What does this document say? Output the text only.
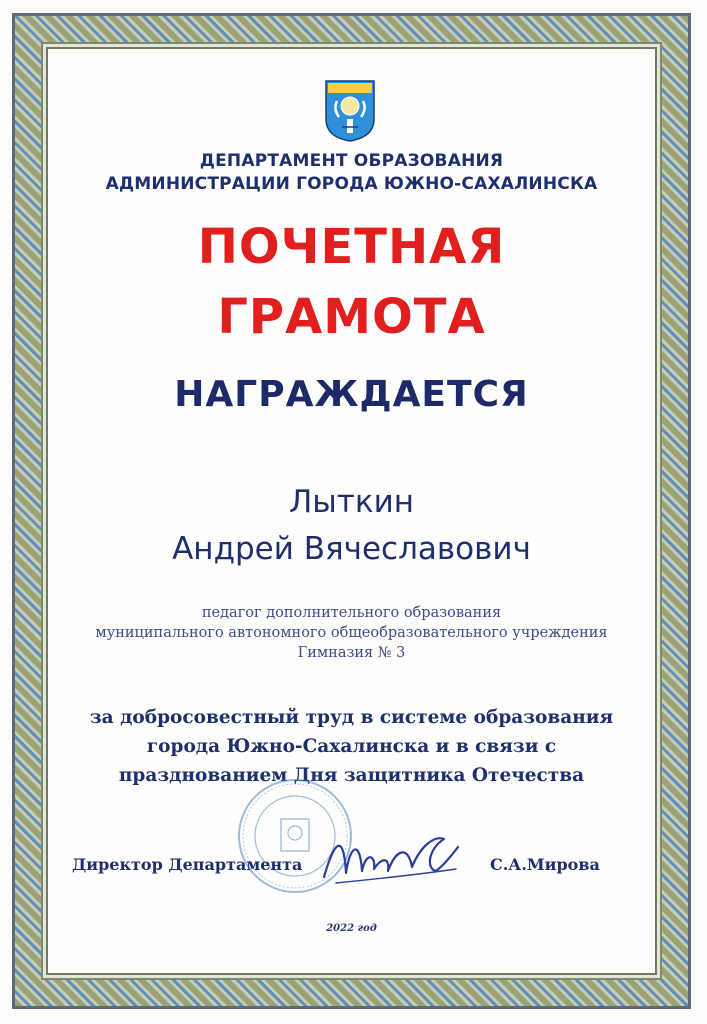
ДЕПАРТАМЕНТ ОБРАЗОВАНИЯ
АДМИНИСТРАЦИИ ГОРОДА ЮЖНО-САХАЛИНСКА
ПОЧЕТНАЯ
ГРАМОТА
НАГРАЖДАЕТСЯ
Лыткин
Андрей Вячеславович
педагог дополнительного образования
муниципального автономного общеобразовательного учреждения
Гимназия № 3
за добросовестный труд в системе образования
города Южно-Сахалинска и в связи с
празднованием Дня защитника Отечества
Директор Департамента	С.А.Мирова
2022 год
